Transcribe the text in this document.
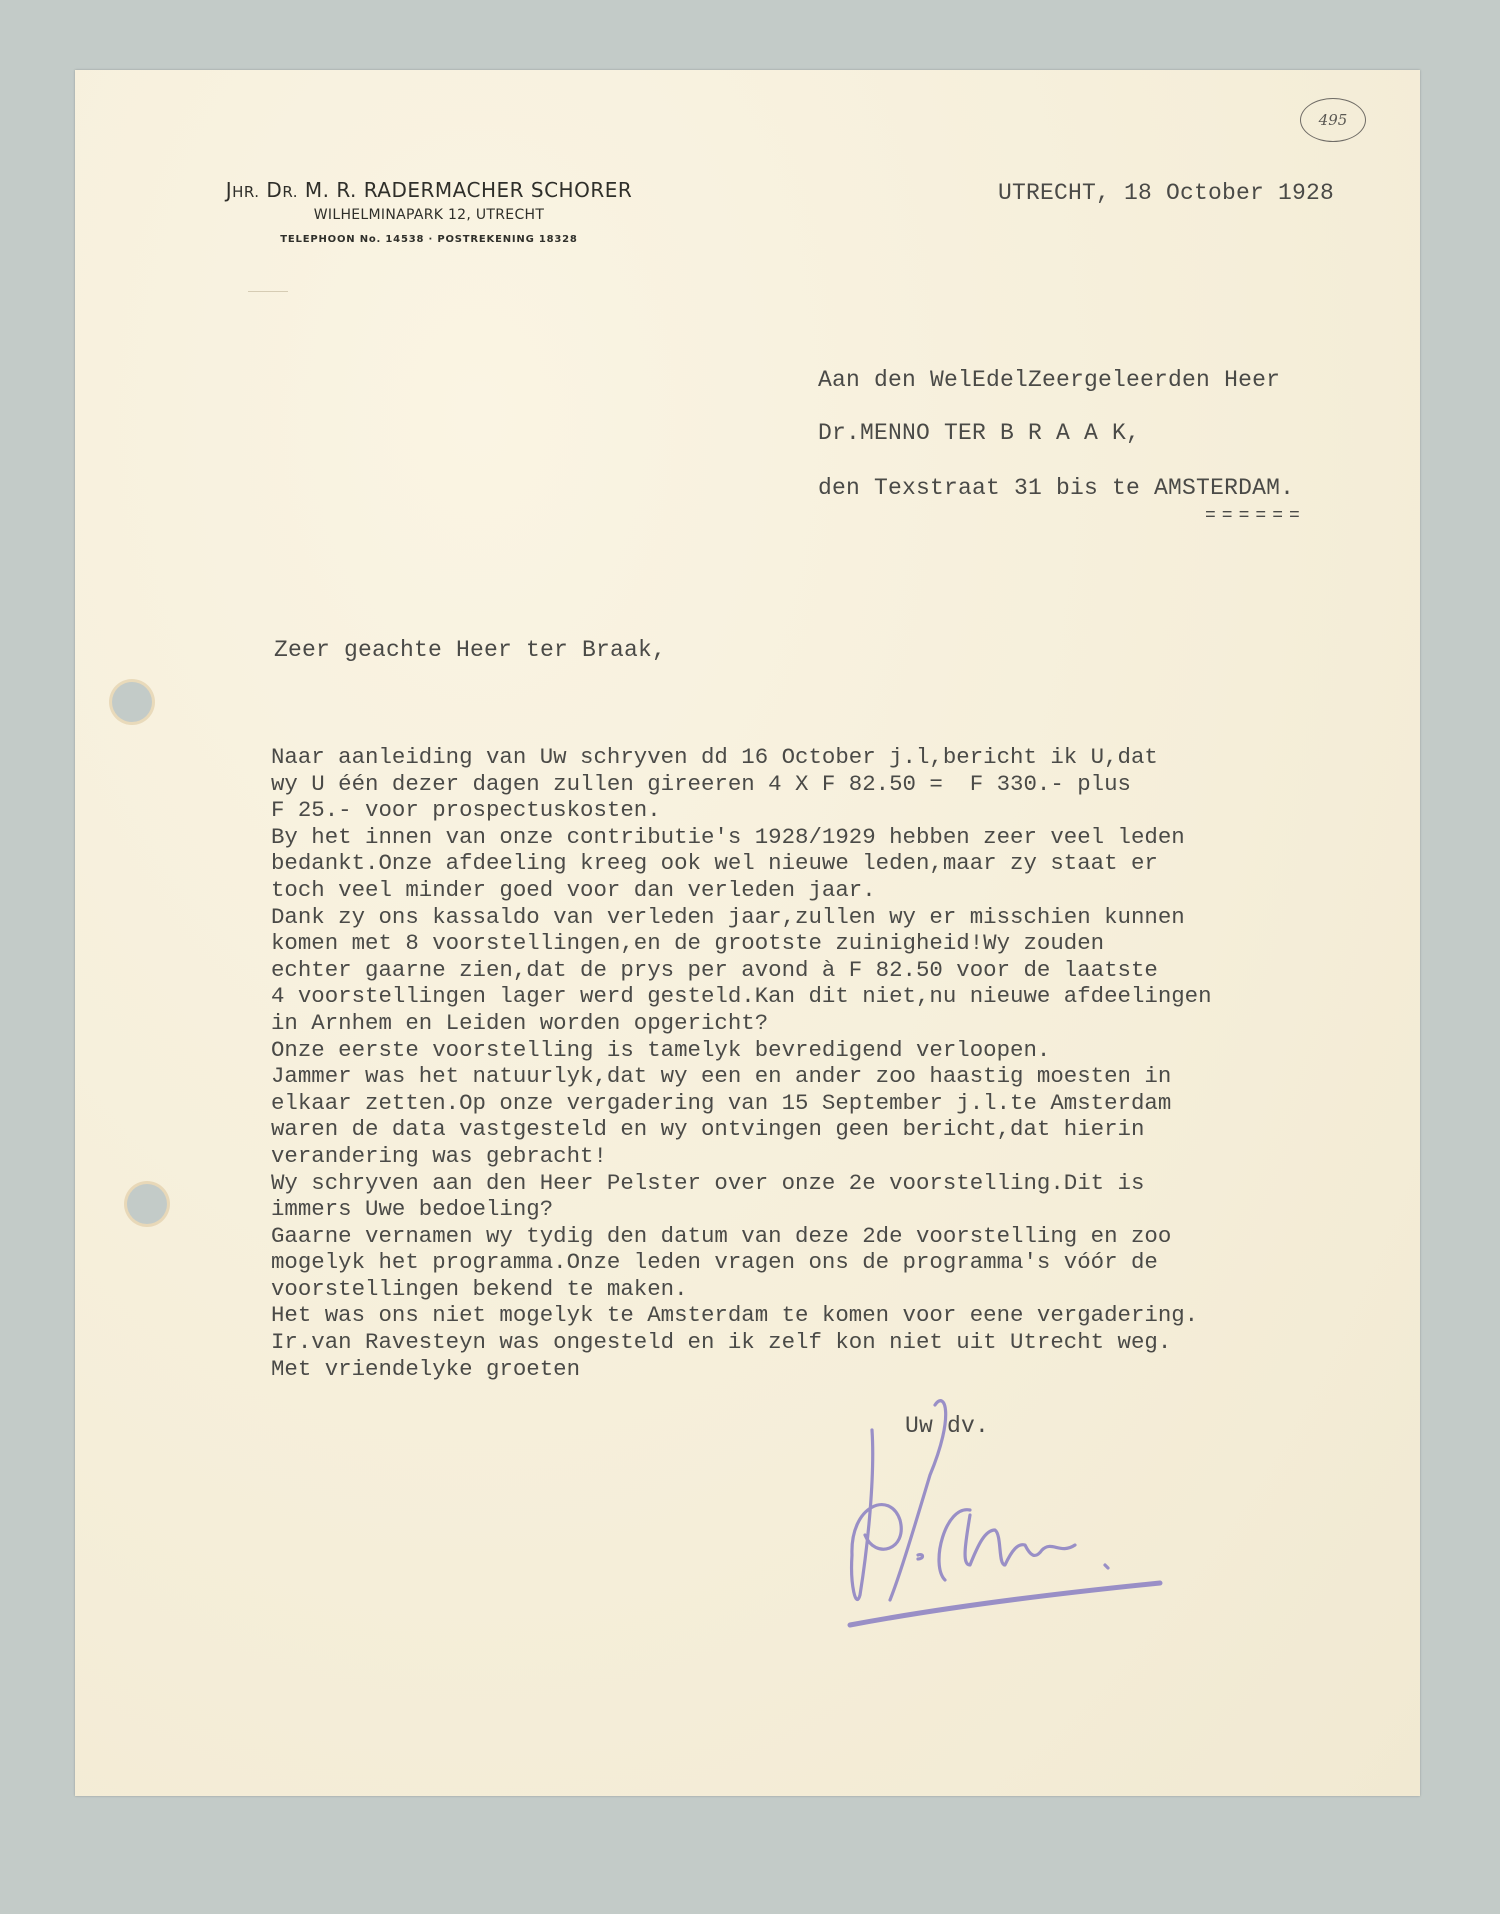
JHR. DR. M. R. RADERMACHER SCHORER
WILHELMINAPARK 12, UTRECHT
TELEPHOON No. 14538 · POSTREKENING 18328
495
UTRECHT, 18 October 1928
Aan den WelEdelZeergeleerden Heer
Dr.MENNO TER B R A A K,
den Texstraat 31 bis te AMSTERDAM.
======
Zeer geachte Heer ter Braak,
Naar aanleiding van Uw schryven dd 16 October j.l,bericht ik U,dat
wy U één dezer dagen zullen gireeren 4 X F 82.50 =  F 330.- plus
F 25.- voor prospectuskosten.
By het innen van onze contributie's 1928/1929 hebben zeer veel leden
bedankt.Onze afdeeling kreeg ook wel nieuwe leden,maar zy staat er
toch veel minder goed voor dan verleden jaar.
Dank zy ons kassaldo van verleden jaar,zullen wy er misschien kunnen
komen met 8 voorstellingen,en de grootste zuinigheid!Wy zouden
echter gaarne zien,dat de prys per avond à F 82.50 voor de laatste
4 voorstellingen lager werd gesteld.Kan dit niet,nu nieuwe afdeelingen
in Arnhem en Leiden worden opgericht?
Onze eerste voorstelling is tamelyk bevredigend verloopen.
Jammer was het natuurlyk,dat wy een en ander zoo haastig moesten in
elkaar zetten.Op onze vergadering van 15 September j.l.te Amsterdam
waren de data vastgesteld en wy ontvingen geen bericht,dat hierin
verandering was gebracht!
Wy schryven aan den Heer Pelster over onze 2e voorstelling.Dit is
immers Uwe bedoeling?
Gaarne vernamen wy tydig den datum van deze 2de voorstelling en zoo
mogelyk het programma.Onze leden vragen ons de programma's vóór de
voorstellingen bekend te maken.
Het was ons niet mogelyk te Amsterdam te komen voor eene vergadering.
Ir.van Ravesteyn was ongesteld en ik zelf kon niet uit Utrecht weg.
Met vriendelyke groeten
Uw dv.
